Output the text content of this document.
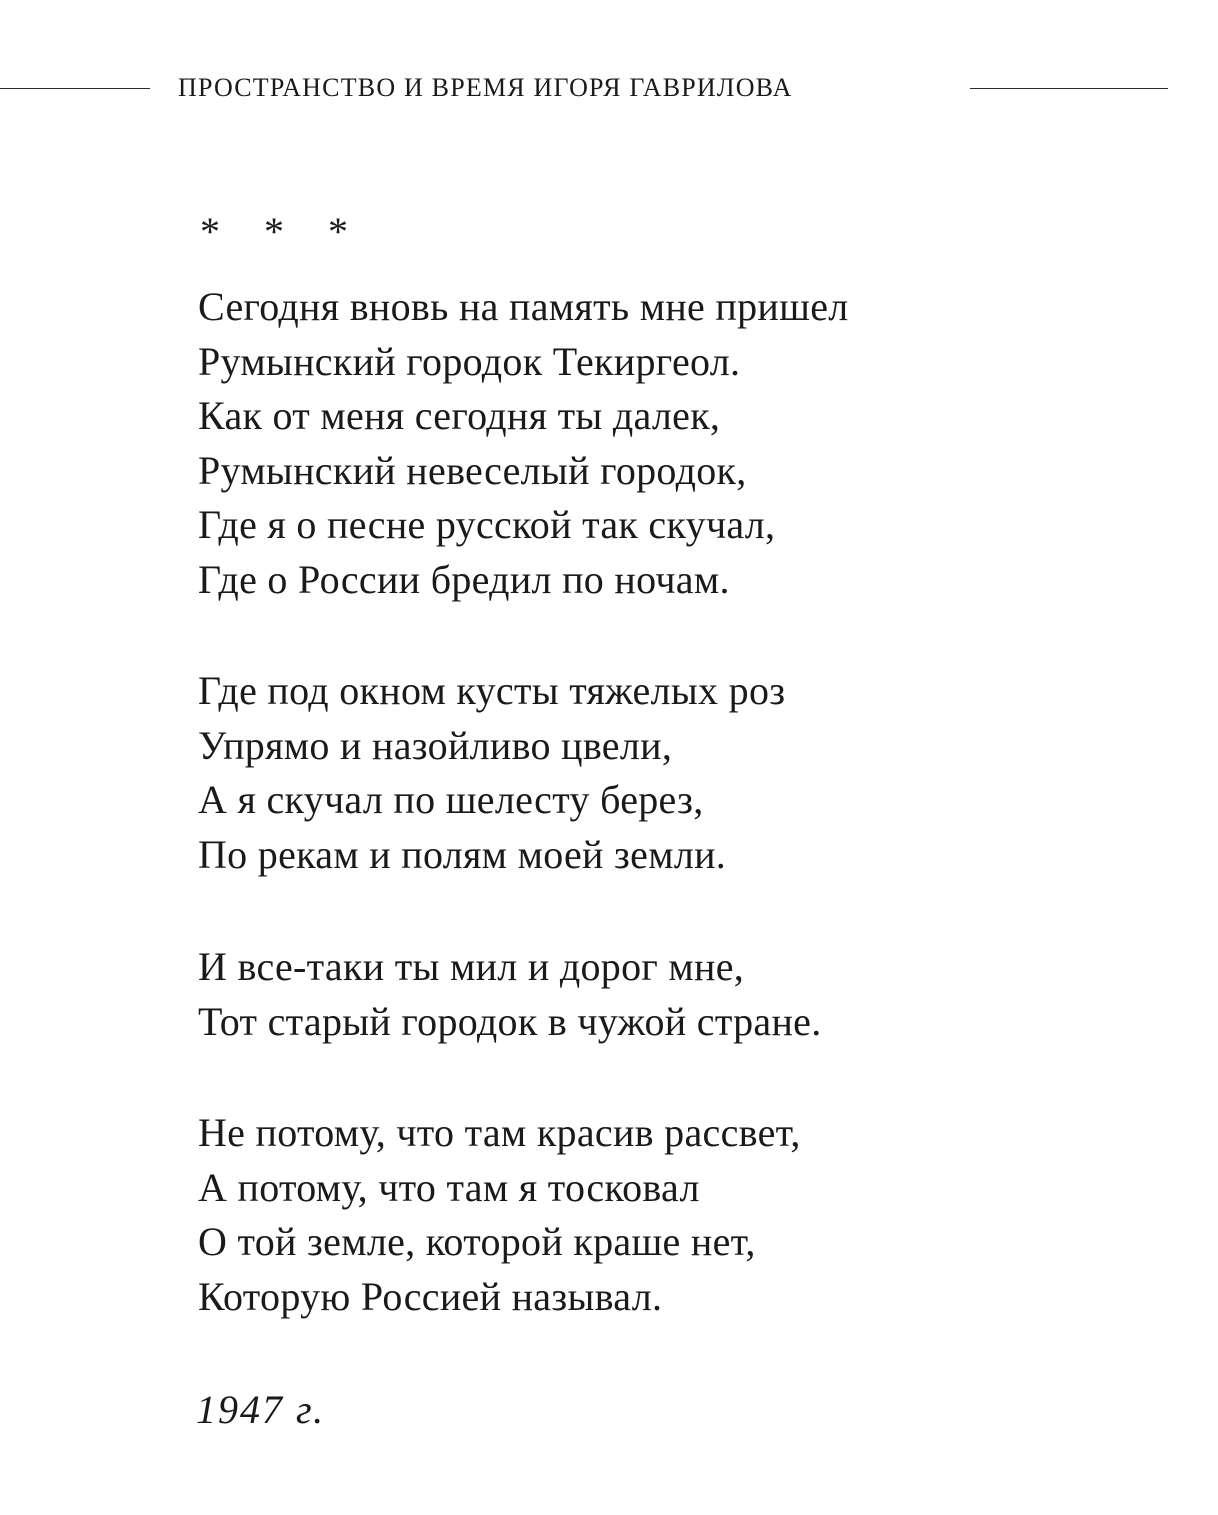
ПРОСТРАНСТВО И ВРЕМЯ ИГОРЯ ГАВРИЛОВА
* * *
Сегодня вновь на память мне пришел
Румынский городок Текиргеол.
Как от меня сегодня ты далек,
Румынский невеселый городок,
Где я о песне русской так скучал,
Где о России бредил по ночам.
Где под окном кусты тяжелых роз
Упрямо и назойливо цвели,
А я скучал по шелесту берез,
По рекам и полям моей земли.
И все-таки ты мил и дорог мне,
Тот старый городок в чужой стране.
Не потому, что там красив рассвет,
А потому, что там я тосковал
О той земле, которой краше нет,
Которую Россией называл.
1947 г.
